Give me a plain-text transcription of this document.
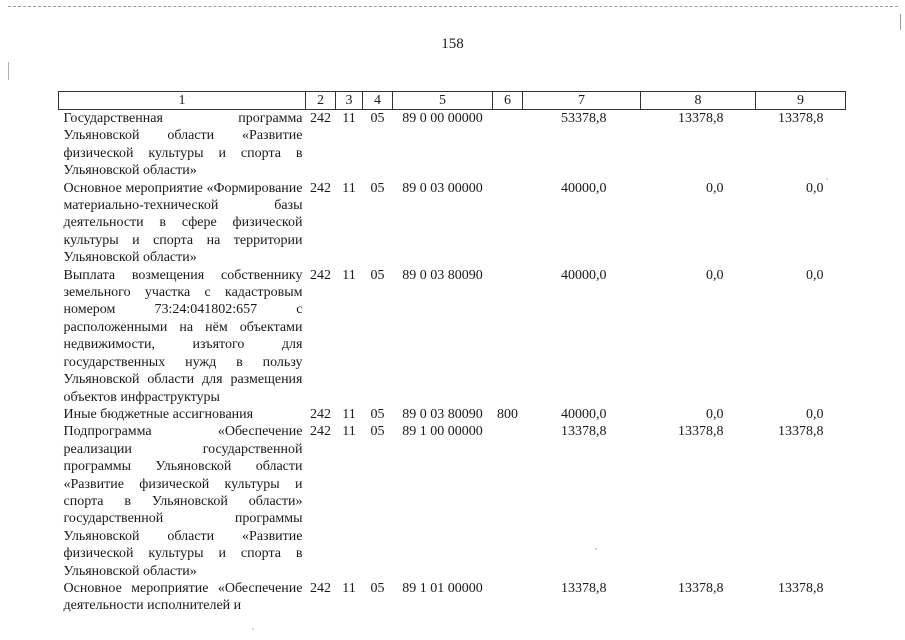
158
1	2	3	4	5	6	7	8	9
Государственная программа Ульяновской области «Развитие физической культуры и спорта в Ульяновской области»	242	11	05	89 0 00 00000		53378,8	13378,8	13378,8
Основное мероприятие «Формирование материально-технической базы деятельности в сфере физической культуры и спорта на территории Ульяновской области»	242	11	05	89 0 03 00000		40000,0	0,0	0,0
Выплата возмещения собственнику земельного участка с кадастровым номером 73:24:041802:657 с расположенными на нём объектами недвижимости, изъятого для государственных нужд в пользу Ульяновской области для размещения объектов инфраструктуры	242	11	05	89 0 03 80090		40000,0	0,0	0,0
Иные бюджетные ассигнования	242	11	05	89 0 03 80090	800	40000,0	0,0	0,0
Подпрограмма «Обеспечение реализации государственной программы Ульяновской области «Развитие физической культуры и спорта в Ульяновской области» государственной программы Ульяновской области «Развитие физической культуры и спорта в Ульяновской области»	242	11	05	89 1 00 00000		13378,8	13378,8	13378,8
Основное мероприятие «Обеспечение деятельности исполнителей и	242	11	05	89 1 01 00000		13378,8	13378,8	13378,8
